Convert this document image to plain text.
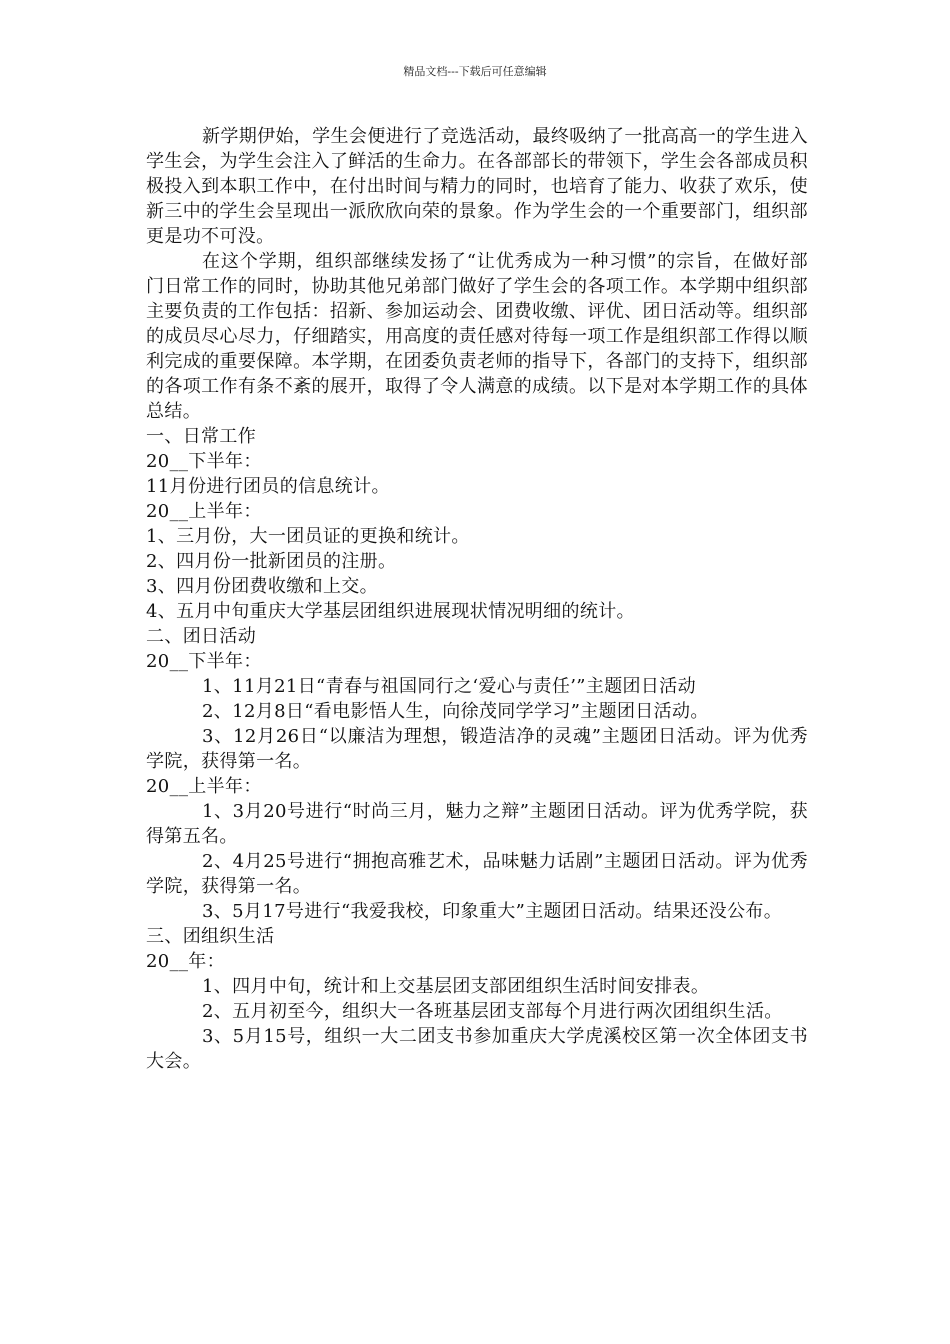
精品文档---下载后可任意编辑

新学期伊始，学生会便进行了竞选活动，最终吸纳了一批高高一的学生进入学生会，为学生会注入了鲜活的生命力。在各部部长的带领下，学生会各部成员积极投入到本职工作中，在付出时间与精力的同时，也培育了能力、收获了欢乐，使新三中的学生会呈现出一派欣欣向荣的景象。作为学生会的一个重要部门，组织部更是功不可没。

在这个学期，组织部继续发扬了“让优秀成为一种习惯”的宗旨，在做好部门日常工作的同时，协助其他兄弟部门做好了学生会的各项工作。本学期中组织部主要负责的工作包括：招新、参加运动会、团费收缴、评优、团日活动等。组织部的成员尽心尽力，仔细踏实，用高度的责任感对待每一项工作是组织部工作得以顺利完成的重要保障。本学期，在团委负责老师的指导下，各部门的支持下，组织部的各项工作有条不紊的展开，取得了令人满意的成绩。以下是对本学期工作的具体总结。

一、日常工作

20__下半年：

11月份进行团员的信息统计。

20__上半年：

1、三月份，大一团员证的更换和统计。

2、四月份一批新团员的注册。

3、四月份团费收缴和上交。

4、五月中旬重庆大学基层团组织进展现状情况明细的统计。

二、团日活动

20__下半年：

1、11月21日“青春与祖国同行之‘爱心与责任’”主题团日活动

2、12月8日“看电影悟人生，向徐茂同学学习”主题团日活动。

3、12月26日“以廉洁为理想，锻造洁净的灵魂”主题团日活动。评为优秀学院，获得第一名。

20__上半年：

1、3月20号进行“时尚三月，魅力之辩”主题团日活动。评为优秀学院，获得第五名。

2、4月25号进行“拥抱高雅艺术，品味魅力话剧”主题团日活动。评为优秀学院，获得第一名。

3、5月17号进行“我爱我校，印象重大”主题团日活动。结果还没公布。

三、团组织生活

20__年：

1、四月中旬，统计和上交基层团支部团组织生活时间安排表。

2、五月初至今，组织大一各班基层团支部每个月进行两次团组织生活。

3、5月15号，组织一大二团支书参加重庆大学虎溪校区第一次全体团支书大会。
